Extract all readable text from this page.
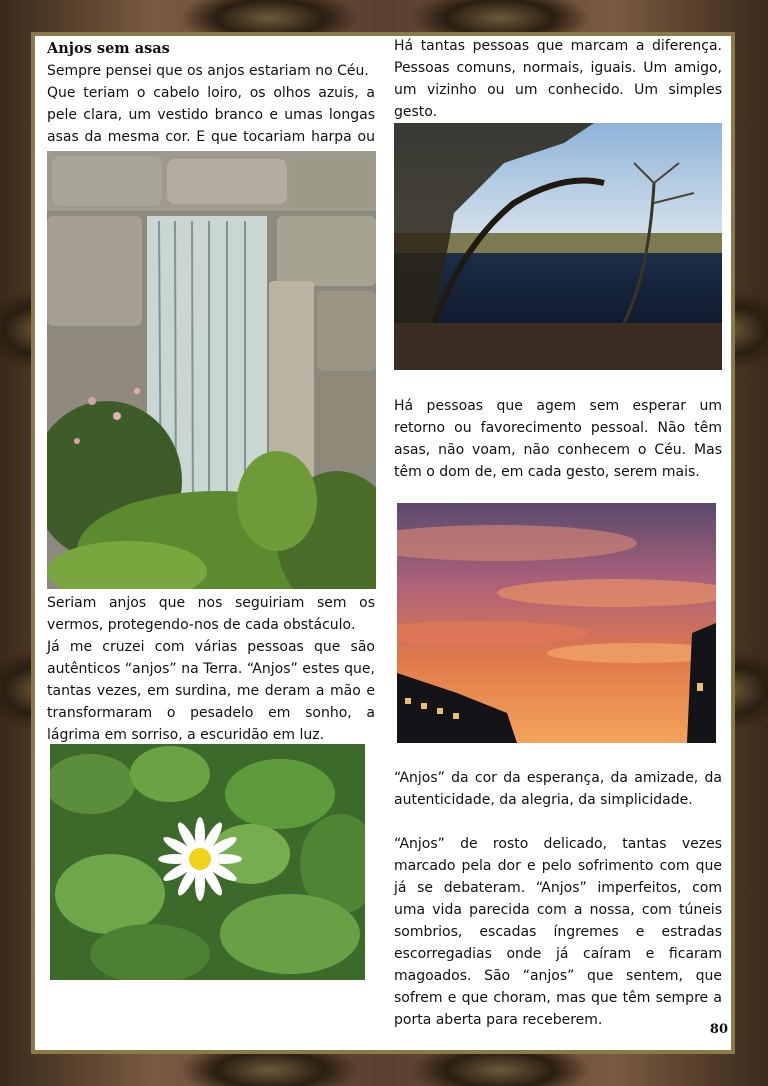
Anjos sem asas

Sempre pensei que os anjos estariam no Céu.

Que teriam o cabelo loiro, os olhos azuis, a pele clara, um vestido branco e umas longas asas da mesma cor. E que tocariam harpa ou

Seriam anjos que nos seguiriam sem os vermos, protegendo-nos de cada obstáculo.

Já me cruzei com várias pessoas que são autênticos “anjos” na Terra. “Anjos” estes que, tantas vezes, em surdina, me deram a mão e transformaram o pesadelo em sonho, a lágrima em sorriso, a escuridão em luz.

Há tantas pessoas que marcam a diferença. Pessoas comuns, normais, iguais. Um amigo, um vizinho ou um conhecido. Um simples gesto.

Há pessoas que agem sem esperar um retorno ou favorecimento pessoal. Não têm asas, não voam, não conhecem o Céu. Mas têm o dom de, em cada gesto, serem mais.

“Anjos” da cor da esperança, da amizade, da autenticidade, da alegria, da simplicidade.

“Anjos” de rosto delicado, tantas vezes marcado pela dor e pelo sofrimento com que já se debateram. “Anjos” imperfeitos, com uma vida parecida com a nossa, com túneis sombrios, escadas íngremes e estradas escorregadias onde já caíram e ficaram magoados. São “anjos” que sentem, que sofrem e que choram, mas que têm sempre a porta aberta para receberem.

80
